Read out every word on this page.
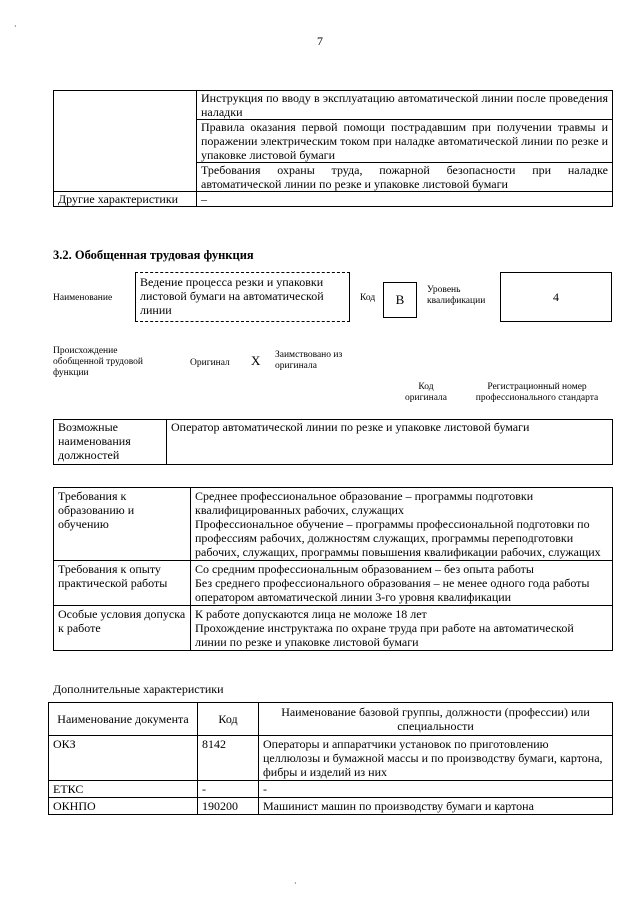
·
7
	Инструкция по вводу в эксплуатацию автоматической линии после проведения наладки
	Правила оказания первой помощи пострадавшим при получении травмы и поражении электрическим током при наладке автоматической линии по резке и упаковке листовой бумаги
	Требования охраны труда, пожарной безопасности при наладке автоматической линии по резке и упаковке листовой бумаги
Другие характеристики	–
3.2. Обобщенная трудовая функция
Наименование
Ведение процесса резки и упаковки листовой бумаги на автоматической линии
Код	В
Уровень квалификации	4
Происхождение обобщенной трудовой функции
Оригинал Х Заимствовано из оригинала
Код оригинала
Регистрационный номер профессионального стандарта
Возможные наименования должностей	Оператор автоматической линии по резке и упаковке листовой бумаги
Требования к образованию и обучению	Среднее профессиональное образование – программы подготовки квалифицированных рабочих, служащих
Профессиональное обучение – программы профессиональной подготовки по профессиям рабочих, должностям служащих, программы переподготовки рабочих, служащих, программы повышения квалификации рабочих, служащих

Требования к опыту практической работы	Со средним профессиональным образованием – без опыта работы
Без среднего профессионального образования – не менее одного года работы оператором автоматической линии 3-го уровня квалификации

Особые условия допуска к работе	К работе допускаются лица не моложе 18 лет
Прохождение инструктажа по охране труда при работе на автоматической линии по резке и упаковке листовой бумаги
Дополнительные характеристики
Наименование документа	Код	Наименование базовой группы, должности (профессии) или специальности
ОКЗ	8142	Операторы и аппаратчики установок по приготовлению целлюлозы и бумажной массы и по производству бумаги, картона, фибры и изделий из них
ЕТКС	-	-
ОКНПО	190200	Машинист машин по производству бумаги и картона
·
